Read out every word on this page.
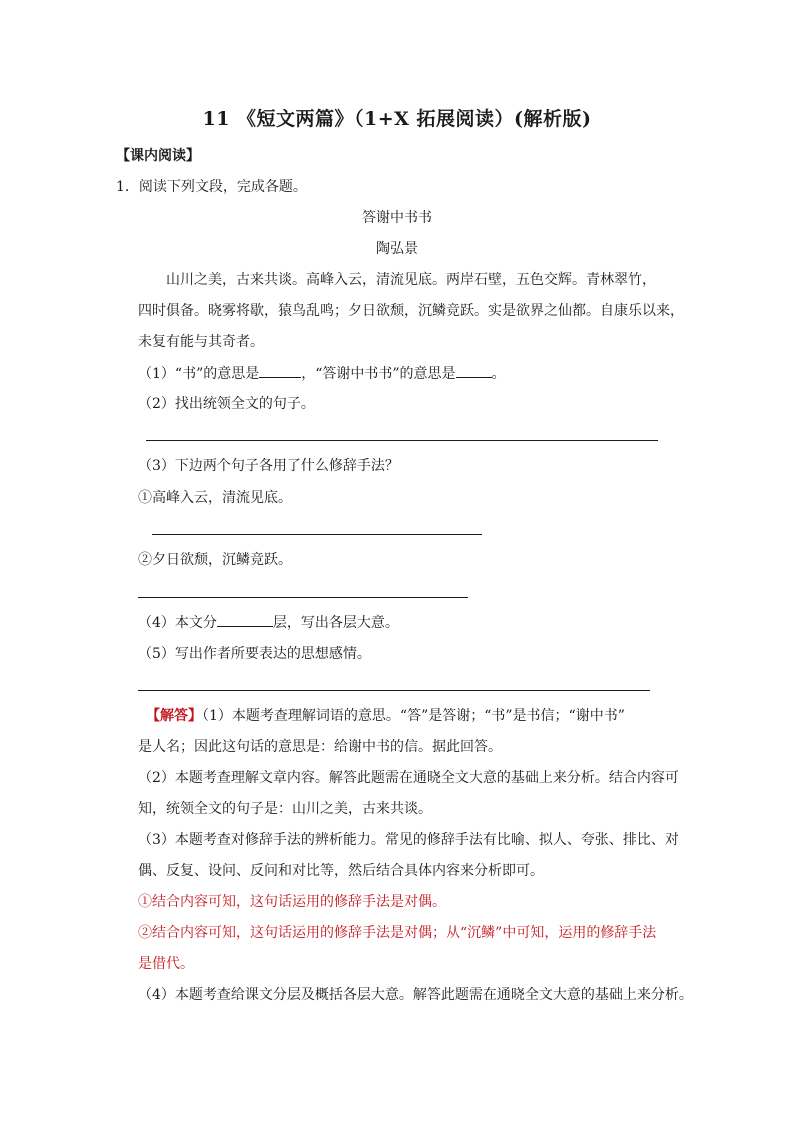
11 《短文两篇》（1+X 拓展阅读）(解析版)
【课内阅读】
1．阅读下列文段，完成各题。
答谢中书书
陶弘景
山川之美，古来共谈。高峰入云，清流见底。两岸石壁，五色交辉。青林翠竹，
四时俱备。晓雾将歇，猿鸟乱鸣；夕日欲颓，沉鳞竞跃。实是欲界之仙都。自康乐以来，
未复有能与其奇者。
（1）“书”的意思是	，“答谢中书书”的意思是	。
（2）找出统领全文的句子。
（3）下边两个句子各用了什么修辞手法？
①高峰入云，清流见底。
②夕日欲颓，沉鳞竞跃。
（4）本文分	层，写出各层大意。
（5）写出作者所要表达的思想感情。
【解答】（1）本题考查理解词语的意思。“答”是答谢；“书”是书信；“谢中书”
是人名；因此这句话的意思是：给谢中书的信。据此回答。
（2）本题考查理解文章内容。解答此题需在通晓全文大意的基础上来分析。结合内容可
知，统领全文的句子是：山川之美，古来共谈。
（3）本题考查对修辞手法的辨析能力。常见的修辞手法有比喻、拟人、夸张、排比、对
偶、反复、设问、反问和对比等，然后结合具体内容来分析即可。
①结合内容可知，这句话运用的修辞手法是对偶。
②结合内容可知，这句话运用的修辞手法是对偶；从“沉鳞”中可知，运用的修辞手法
是借代。
（4）本题考查给课文分层及概括各层大意。解答此题需在通晓全文大意的基础上来分析。
